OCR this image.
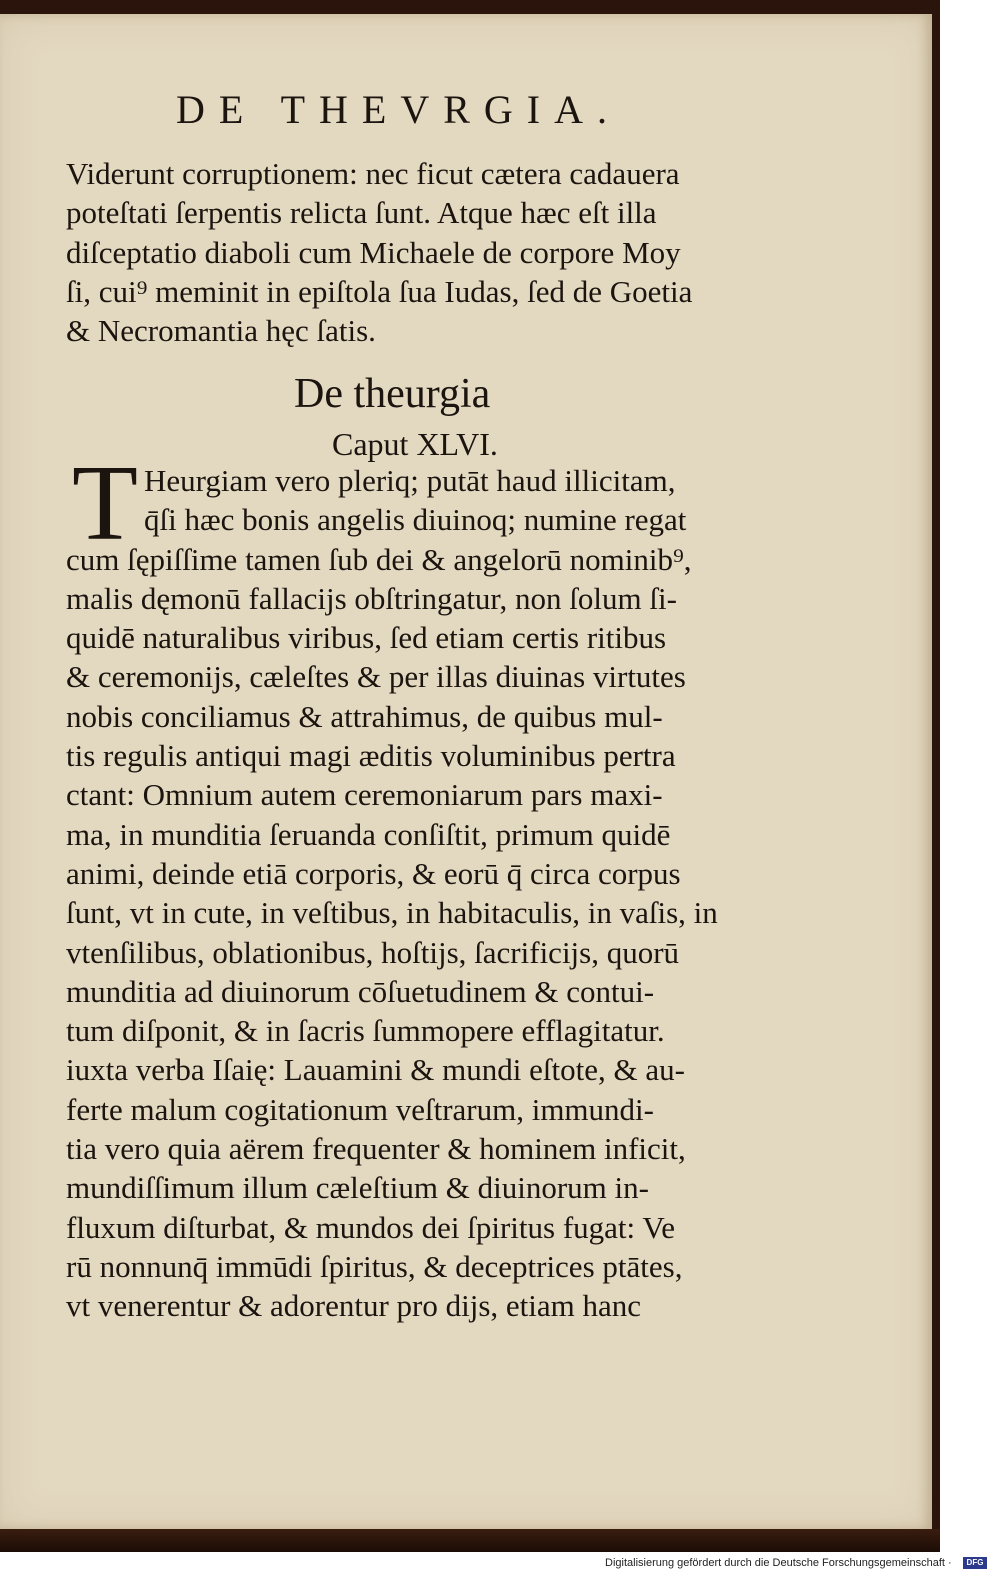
DE THEVRGIA.
Viderunt corruptionem: nec ficut cætera cadauera
poteſtati ſerpentis relicta ſunt. Atque hæc eſt illa
diſceptatio diaboli cum Michaele de corpore Moy
ſi, cui⁹ meminit in epiſtola ſua Iudas, ſed de Goetia
& Necromantia hęc ſatis.
De theurgia
Caput XLVI.
T Heurgiam vero pleriq; putāt haud illicitam,
q̄ſi hæc bonis angelis diuinoq; numine regat
cum ſępiſſime tamen ſub dei & angelorū nominib⁹,
malis dęmonū fallacijs obſtringatur, non ſolum ſi-
quidē naturalibus viribus, ſed etiam certis ritibus
& ceremonijs, cæleſtes & per illas diuinas virtutes
nobis conciliamus & attrahimus, de quibus mul-
tis regulis antiqui magi æditis voluminibus pertra
ctant: Omnium autem ceremoniarum pars maxi-
ma, in munditia ſeruanda conſiſtit, primum quidē
animi, deinde etiā corporis, & eorū q̄ circa corpus
ſunt, vt in cute, in veſtibus, in habitaculis, in vaſis, in
vtenſilibus, oblationibus, hoſtijs, ſacrificijs, quorū
munditia ad diuinorum cōſuetudinem & contui-
tum diſponit, & in ſacris ſummopere efflagitatur.
iuxta verba Iſaię: Lauamini & mundi eſtote, & au-
ferte malum cogitationum veſtrarum, immundi-
tia vero quia aërem frequenter & hominem inficit,
mundiſſimum illum cæleſtium & diuinorum in-
fluxum diſturbat, & mundos dei ſpiritus fugat: Ve
rū nonnunq̄ immūdi ſpiritus, & deceptrices ptātes,
vt venerentur & adorentur pro dijs, etiam hanc
Digitalisierung gefördert durch die Deutsche Forschungsgemeinschaft ·	DFG
